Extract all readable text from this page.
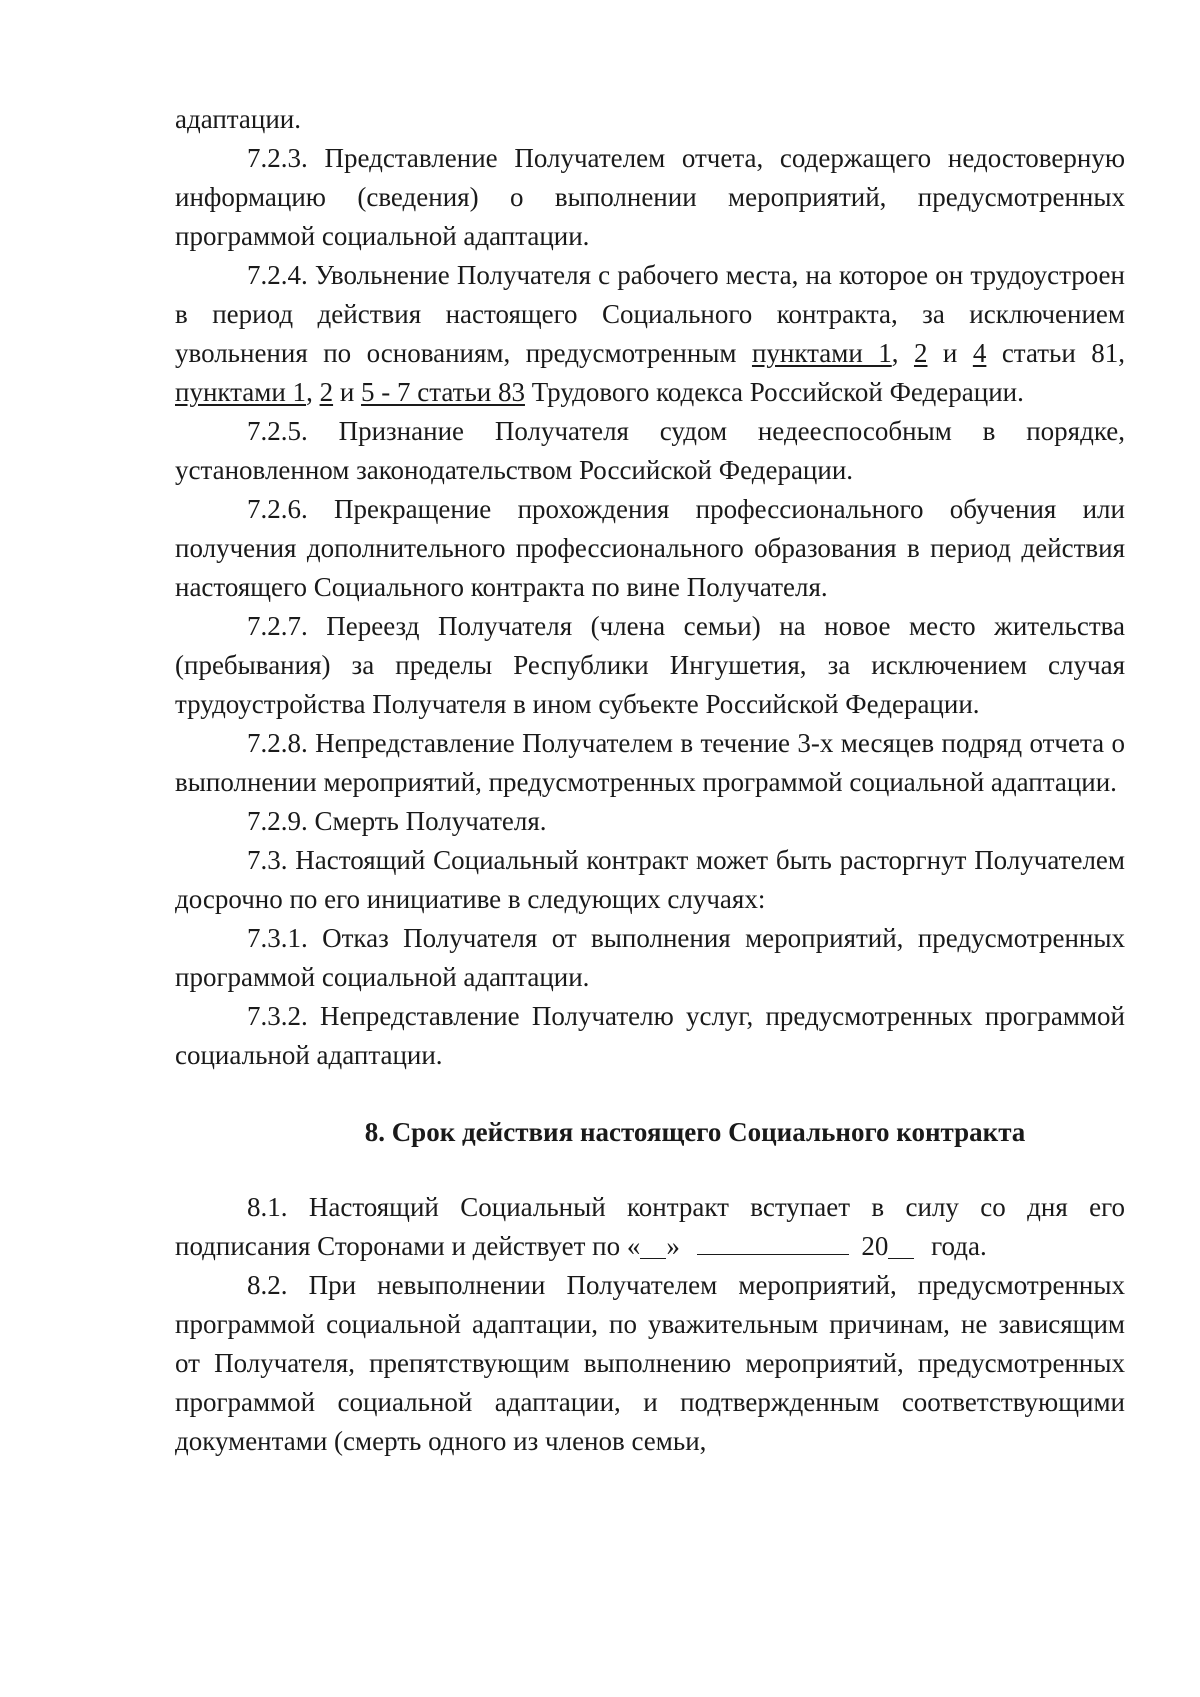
адаптации.

7.2.3. Представление Получателем отчета, содержащего недостоверную информацию (сведения) о выполнении мероприятий, предусмотренных программой социальной адаптации.

7.2.4. Увольнение Получателя с рабочего места, на которое он трудоустроен в период действия настоящего Социального контракта, за исключением увольнения по основаниям, предусмотренным пунктами 1, 2 и 4 статьи 81, пунктами 1, 2 и 5 - 7 статьи 83 Трудового кодекса Российской Федерации.

7.2.5. Признание Получателя судом недееспособным в порядке, установленном законодательством Российской Федерации.

7.2.6. Прекращение прохождения профессионального обучения или получения дополнительного профессионального образования в период действия настоящего Социального контракта по вине Получателя.

7.2.7. Переезд Получателя (члена семьи) на новое место жительства (пребывания) за пределы Республики Ингушетия, за исключением случая трудоустройства Получателя в ином субъекте Российской Федерации.

7.2.8. Непредставление Получателем в течение 3-х месяцев подряд отчета о выполнении мероприятий, предусмотренных программой социальной адаптации.

7.2.9. Смерть Получателя.

7.3. Настоящий Социальный контракт может быть расторгнут Получателем досрочно по его инициативе в следующих случаях:

7.3.1. Отказ Получателя от выполнения мероприятий, предусмотренных программой социальной адаптации.

7.3.2. Непредставление Получателю услуг, предусмотренных программой социальной адаптации.

8. Срок действия настоящего Социального контракта

8.1. Настоящий Социальный контракт вступает в силу со дня его подписания Сторонами и действует по « »	20 года.

8.2. При невыполнении Получателем мероприятий, предусмотренных программой социальной адаптации, по уважительным причинам, не зависящим от Получателя, препятствующим выполнению мероприятий, предусмотренных программой социальной адаптации, и подтвержденным соответствующими документами (смерть одного из членов семьи,
